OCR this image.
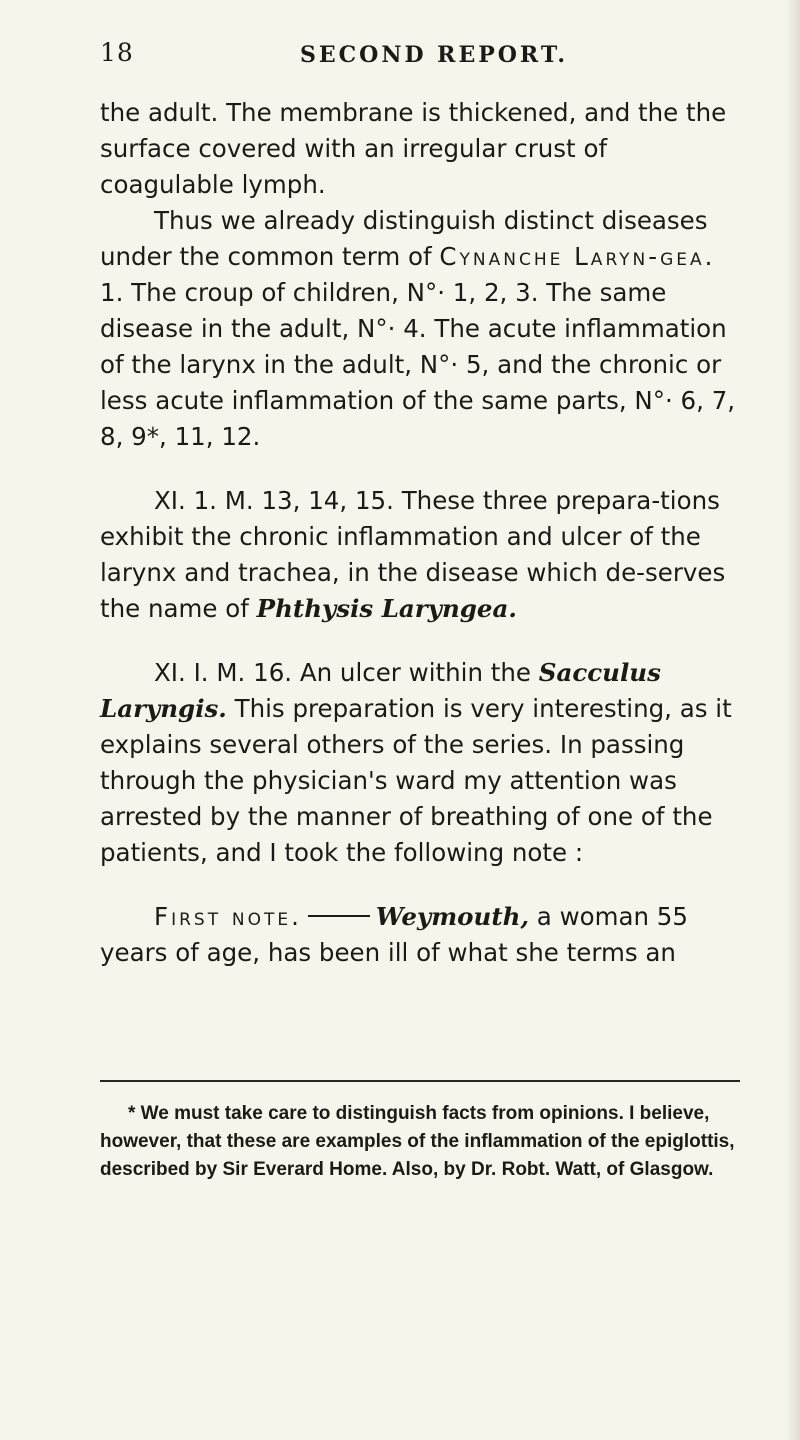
18	SECOND REPORT.

the adult. The membrane is thickened, and the the surface covered with an irregular crust of coagulable lymph.

Thus we already distinguish distinct diseases under the common term of Cynanche Laryn-gea. 1. The croup of children, N°· 1, 2, 3. The same disease in the adult, N°· 4. The acute inflammation of the larynx in the adult, N°· 5, and the chronic or less acute inflammation of the same parts, N°· 6, 7, 8, 9*, 11, 12.

XI. 1. M. 13, 14, 15. These three prepara-tions exhibit the chronic inflammation and ulcer of the larynx and trachea, in the disease which de-serves the name of Phthysis Laryngea.

XI. I. M. 16. An ulcer within the Sacculus Laryngis. This preparation is very interesting, as it explains several others of the series. In passing through the physician's ward my attention was arrested by the manner of breathing of one of the patients, and I took the following note :

First note.	Weymouth, a woman 55 years of age, has been ill of what she terms an

* We must take care to distinguish facts from opinions. I believe, however, that these are examples of the inflammation of the epiglottis, described by Sir Everard Home. Also, by Dr. Robt. Watt, of Glasgow.
